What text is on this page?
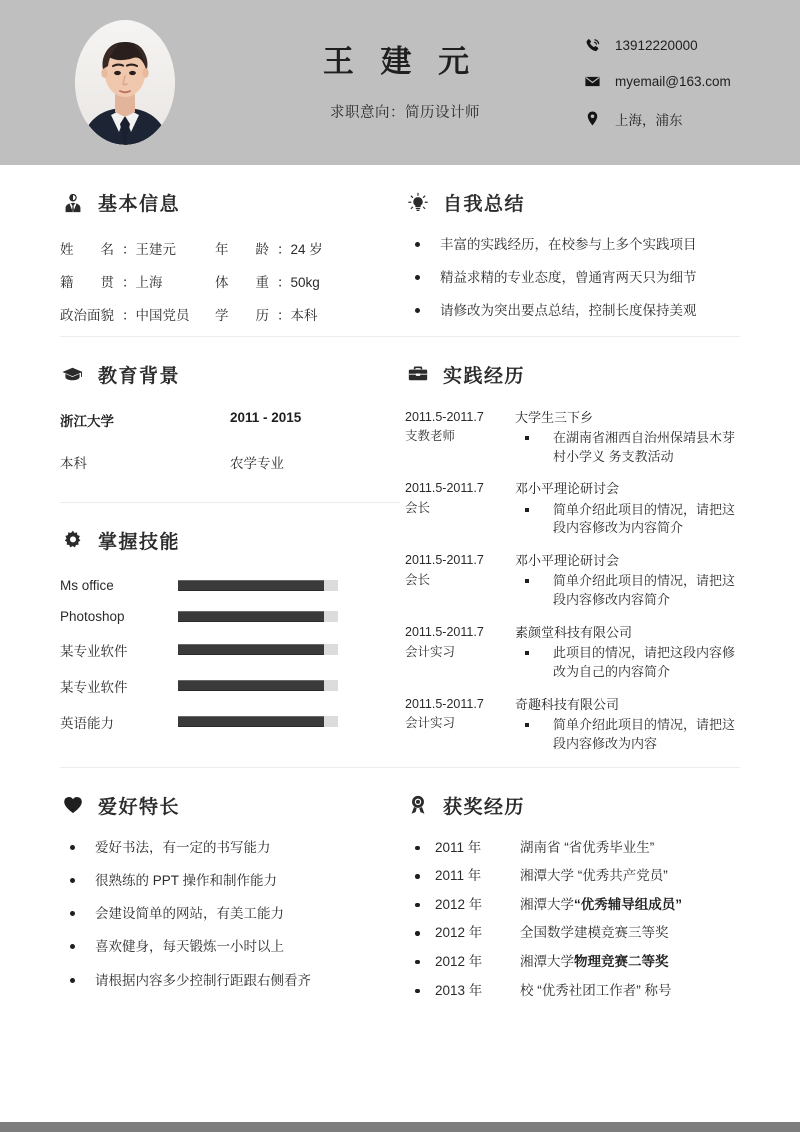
王 建 元
求职意向：简历设计师
13912220000
myemail@163.com
上海，浦东
基本信息
姓　　名 ：王建元	年　　龄 ：24 岁
籍　　贯 ：上海	体　　重 ：50kg
政治面貌 ：中国党员	学　　历 ：本科
自我总结
丰富的实践经历，在校参与上多个实践项目
精益求精的专业态度，曾通宵两天只为细节
请修改为突出要点总结，控制长度保持美观
教育背景
浙江大学	2011 - 2015
本科	农学专业
掌握技能
Ms office
Photoshop
某专业软件
某专业软件
英语能力
实践经历
2011.5-2011.7
支教老师
大学生三下乡
在湖南省湘西自治州保靖县木芽村小学义 务支教活动
2011.5-2011.7
会长
邓小平理论研讨会
简单介绍此项目的情况，请把这段内容修改为内容简介
2011.5-2011.7
会长
邓小平理论研讨会
简单介绍此项目的情况，请把这段内容修改内容简介
2011.5-2011.7
会计实习
素颜堂科技有限公司
此项目的情况，请把这段内容修改为自己的内容简介
2011.5-2011.7
会计实习
奇趣科技有限公司
简单介绍此项目的情况，请把这段内容修改为内容
爱好特长
爱好书法，有一定的书写能力
很熟练的 PPT 操作和制作能力
会建设简单的网站，有美工能力
喜欢健身，每天锻炼一小时以上
请根据内容多少控制行距跟右侧看齐
获奖经历
2011 年	湖南省 “省优秀毕业生”
2011 年	湘潭大学 “优秀共产党员”
2012 年	湘潭大学“优秀辅导组成员”
2012 年	全国数学建模竞赛三等奖
2012 年	湘潭大学物理竞赛二等奖
2013 年	校 “优秀社团工作者” 称号
